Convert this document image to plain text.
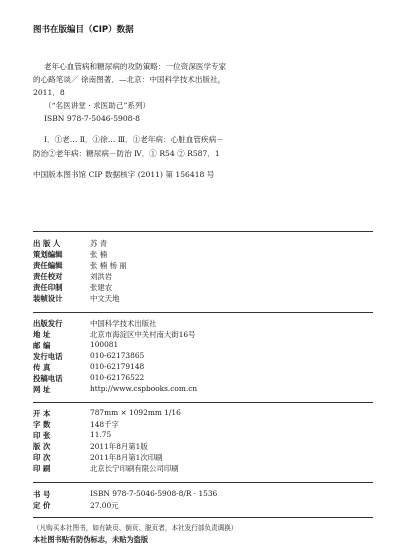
图书在版编目（CIP）数据
老年心血管病和糖尿病的攻防策略：一位资深医学专家
的心路笔谈／ 徐南图著．—北京：中国科学技术出版社，
2011．8
（“名医讲堂 · 求医助己”系列）
ISBN 978-7-5046-5908-8
Ⅰ．①老… Ⅱ．①徐… Ⅲ．①老年病：心脏血管疾病－
防治②老年病：糖尿病－防治 Ⅳ．① R54 ② R587．1
中国版本图书馆 CIP 数据核字 (2011) 第 156418 号
出 版 人	苏 青
策划编辑	张 楠
责任编辑	张 楠 杨 丽
责任校对	刘洪岩
责任印制	张建农
装帧设计	中文天地
出版发行	中国科学技术出版社
地 址	北京市海淀区中关村南大街16号
邮 编	100081
发行电话	010-62173865
传 真	010-62179148
投稿电话	010-62176522
网 址	http://www.cspbooks.com.cn
开 本	787mm × 1092mm 1/16
字 数	148千字
印 张	11.75
版 次	2011年8月第1版
印 次	2011年8月第1次印刷
印 刷	北京长宁印刷有限公司印刷
书 号	ISBN 978-7-5046-5908-8/R · 1536
定 价	27.00元
（凡购买本社图书，如有缺页、倒页、脱页者，本社发行部负责调换）
本社图书贴有防伪标志，未贴为盗版
